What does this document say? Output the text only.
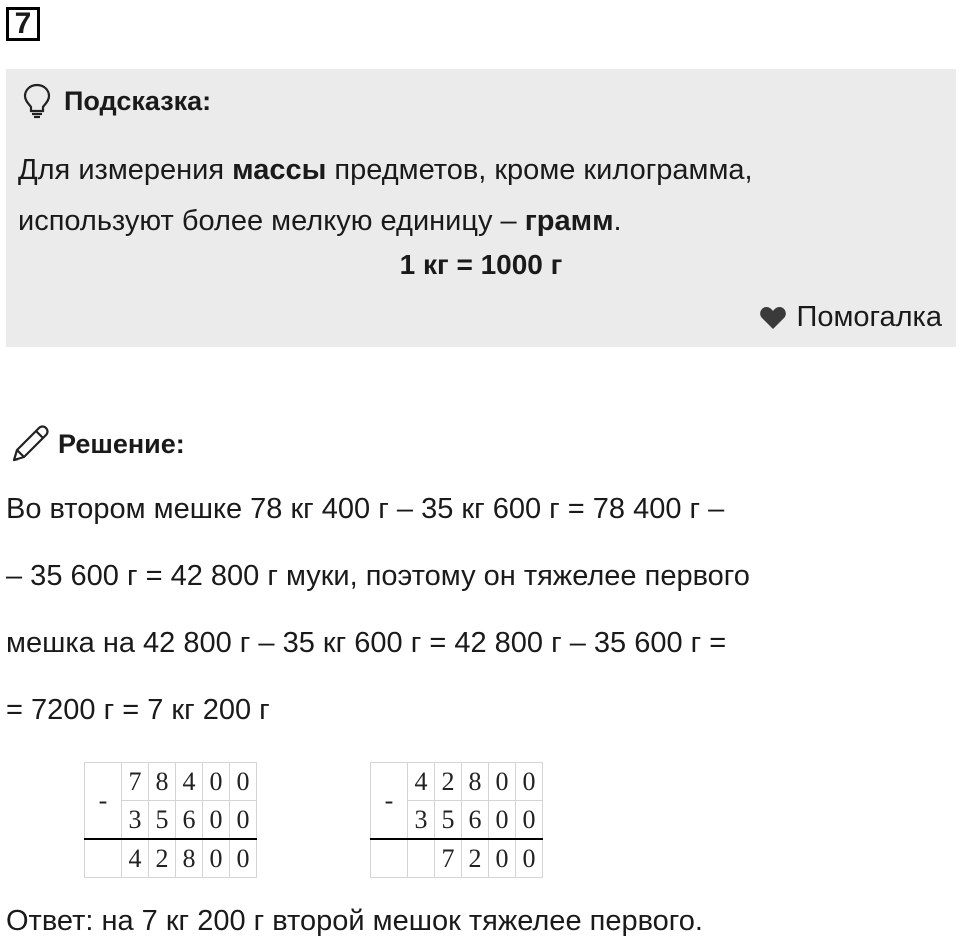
7
Подсказка:
Для измерения массы предметов, кроме килограмма,
используют более мелкую единицу – грамм.
1 кг = 1000 г
Помогалка
Решение:
Во втором мешке 78 кг 400 г – 35 кг 600 г = 78 400 г –
– 35 600 г = 42 800 г муки, поэтому он тяжелее первого
мешка на 42 800 г – 35 кг 600 г = 42 800 г – 35 600 г =
= 7200 г = 7 кг 200 г
-	7	8	4	0	0
	3	5	6	0	0
	4	2	8	0	0
-	4	2	8	0	0
	3	5	6	0	0
		7	2	0	0
Ответ: на 7 кг 200 г второй мешок тяжелее первого.
